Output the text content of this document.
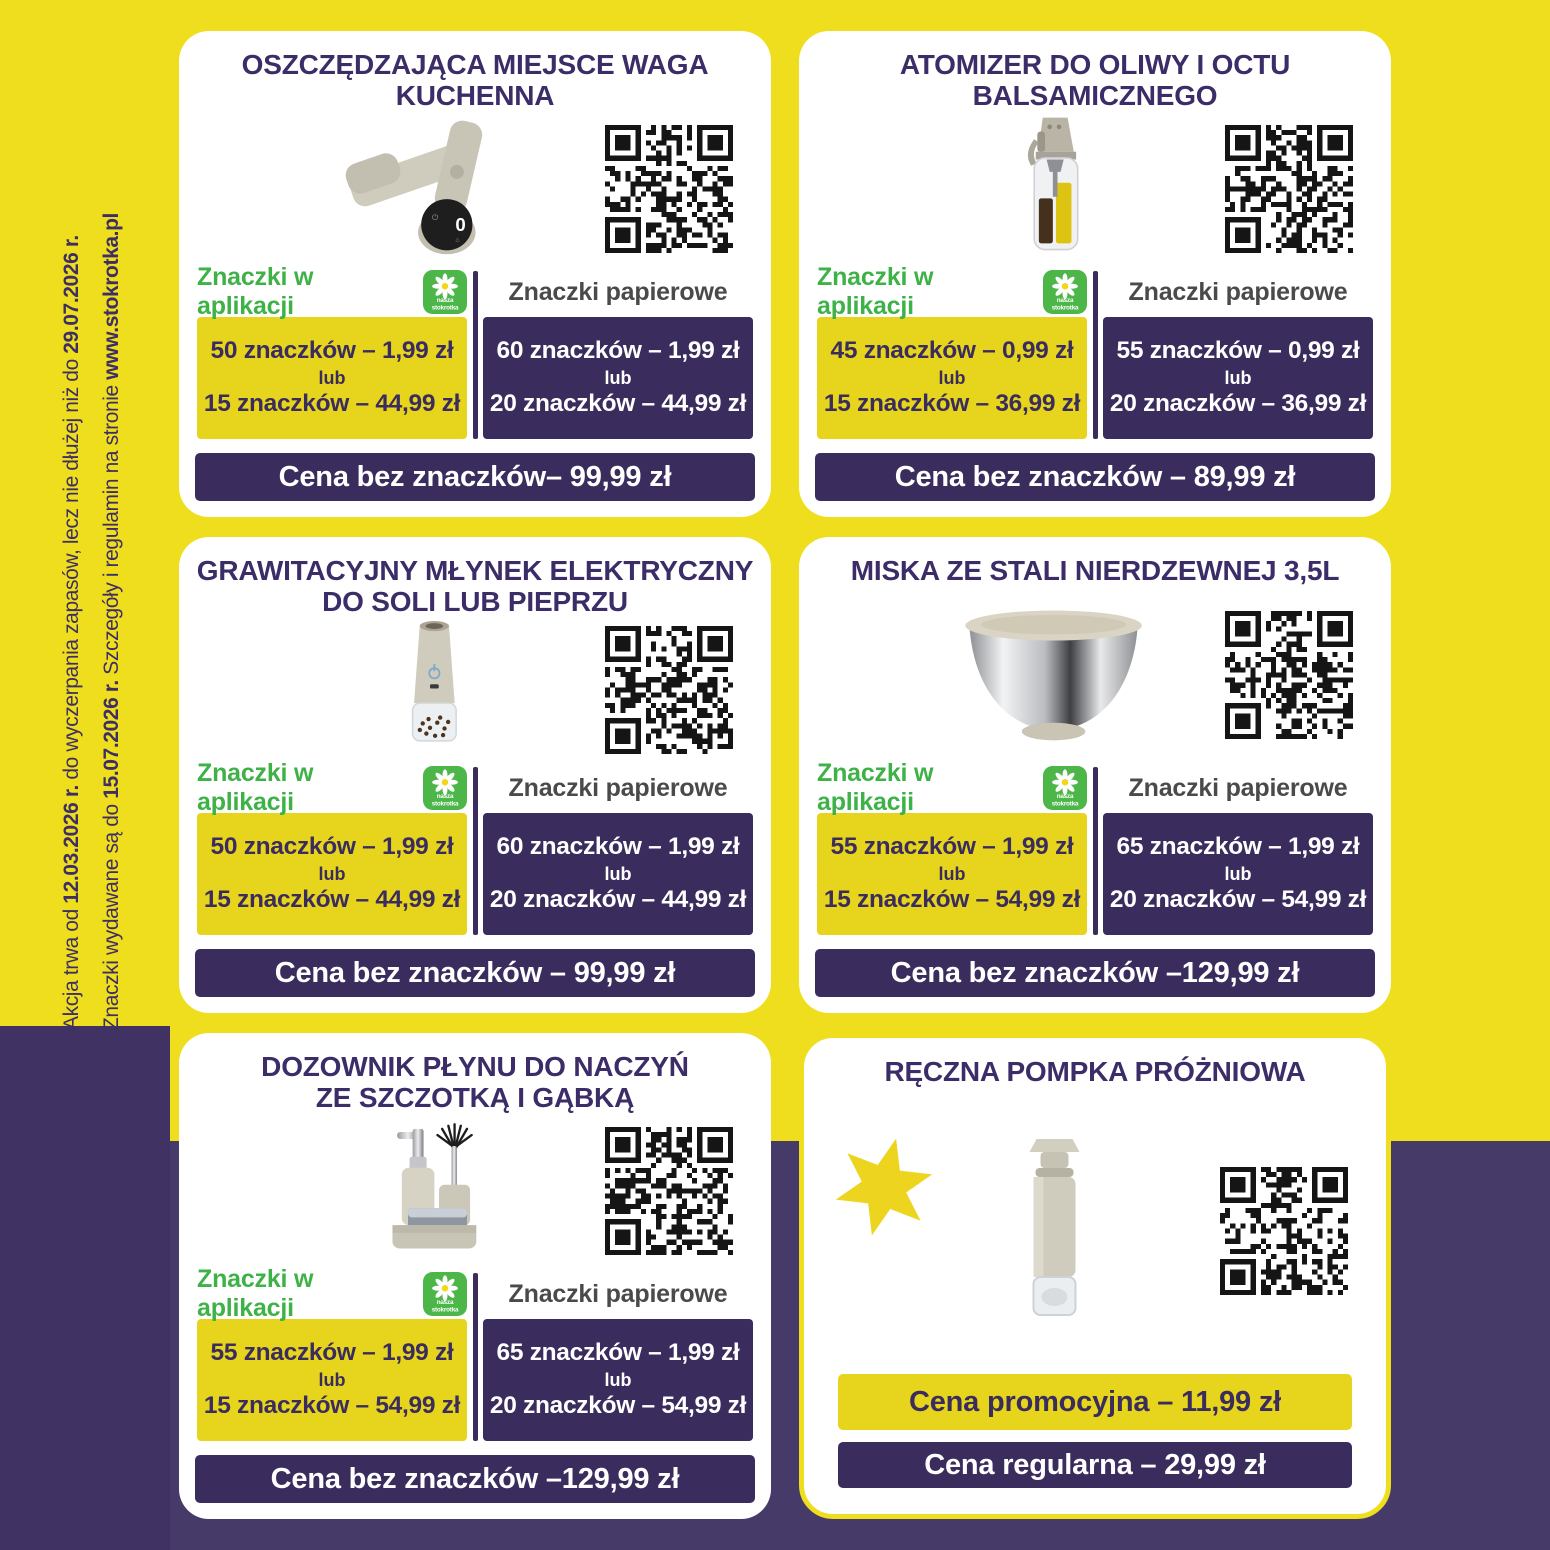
Akcja trwa od 12.03.2026 r. do wyczerpania zapasów, lecz nie dłużej niż do 29.07.2026 r.
Znaczki wydawane są do 15.07.2026 r. Szczegóły i regulamin na stronie www.stokrotka.pl
OSZCZĘDZAJĄCA MIEJSCE WAGA KUCHENNA
0
⏻
⌂
Znaczki w aplikacji	nasza
stokrotka
50 znaczków – 1,99 zł
lub
15 znaczków – 44,99 zł
Znaczki papierowe
60 znaczków – 1,99 zł
lub
20 znaczków – 44,99 zł
Cena bez znaczków– 99,99 zł
ATOMIZER DO OLIWY I OCTU BALSAMICZNEGO
Znaczki w aplikacji	nasza
stokrotka
45 znaczków – 0,99 zł
lub
15 znaczków – 36,99 zł
Znaczki papierowe
55 znaczków – 0,99 zł
lub
20 znaczków – 36,99 zł
Cena bez znaczków – 89,99 zł
GRAWITACYJNY MŁYNEK ELEKTRYCZNY
DO SOLI LUB PIEPRZU
Znaczki w aplikacji	nasza
stokrotka
50 znaczków – 1,99 zł
lub
15 znaczków – 44,99 zł
Znaczki papierowe
60 znaczków – 1,99 zł
lub
20 znaczków – 44,99 zł
Cena bez znaczków – 99,99 zł
MISKA ZE STALI NIERDZEWNEJ 3,5L
Znaczki w aplikacji	nasza
stokrotka
55 znaczków – 1,99 zł
lub
15 znaczków – 54,99 zł
Znaczki papierowe
65 znaczków – 1,99 zł
lub
20 znaczków – 54,99 zł
Cena bez znaczków –129,99 zł
DOZOWNIK PŁYNU DO NACZYŃ
ZE SZCZOTKĄ I GĄBKĄ
Znaczki w aplikacji	nasza
stokrotka
55 znaczków – 1,99 zł
lub
15 znaczków – 54,99 zł
Znaczki papierowe
65 znaczków – 1,99 zł
lub
20 znaczków – 54,99 zł
Cena bez znaczków –129,99 zł
RĘCZNA POMPKA PRÓŻNIOWA
Cena promocyjna – 11,99 zł
Cena regularna – 29,99 zł
